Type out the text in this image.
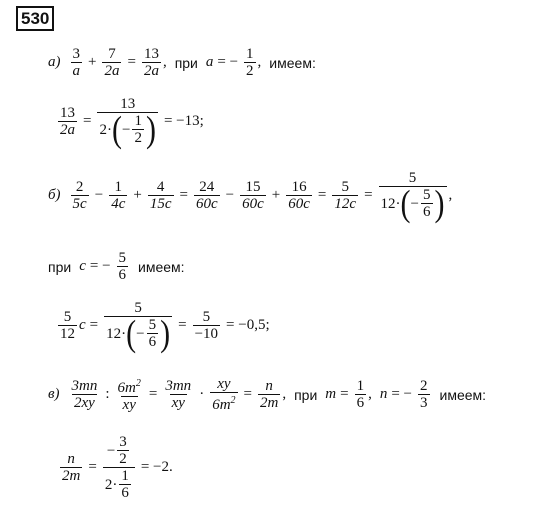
530
$а) \frac{3}{a} + \frac{7}{2a} = \frac{13}{2a}$ , при a = − $\frac{1}{2}$ , имеем:
$\frac{13}{2a} = \frac{13}{2 \cdot ( - \frac{1}{2} )} = -13$;
$б) \frac{2}{5c} - \frac{1}{4c} + \frac{4}{15c} = \frac{24}{60c} - \frac{15}{60c} + \frac{16}{60c} = \frac{5}{12c} = \frac{5}{12 \cdot ( - \frac{5}{6} )}$ ,
при c = − $\frac{5}{6}$ имеем:
$\frac{5}{12}$ $c = \frac{5}{12 \cdot ( - \frac{5}{6} )} = \frac{5}{-10} = -0,5$;
$в) \frac{3mn}{2xy}$ : $\frac{6m^2}{xy} = \frac{3mn}{xy} \cdot \frac{xy}{6m^2} = \frac{n}{2m}$ , при $m = \frac{1}{6}$ , n = − $\frac{2}{3}$ имеем:
$\frac{n}{2m} = \frac{- \frac{3}{2}}{2 \cdot \frac{1}{6}} = -2$.
